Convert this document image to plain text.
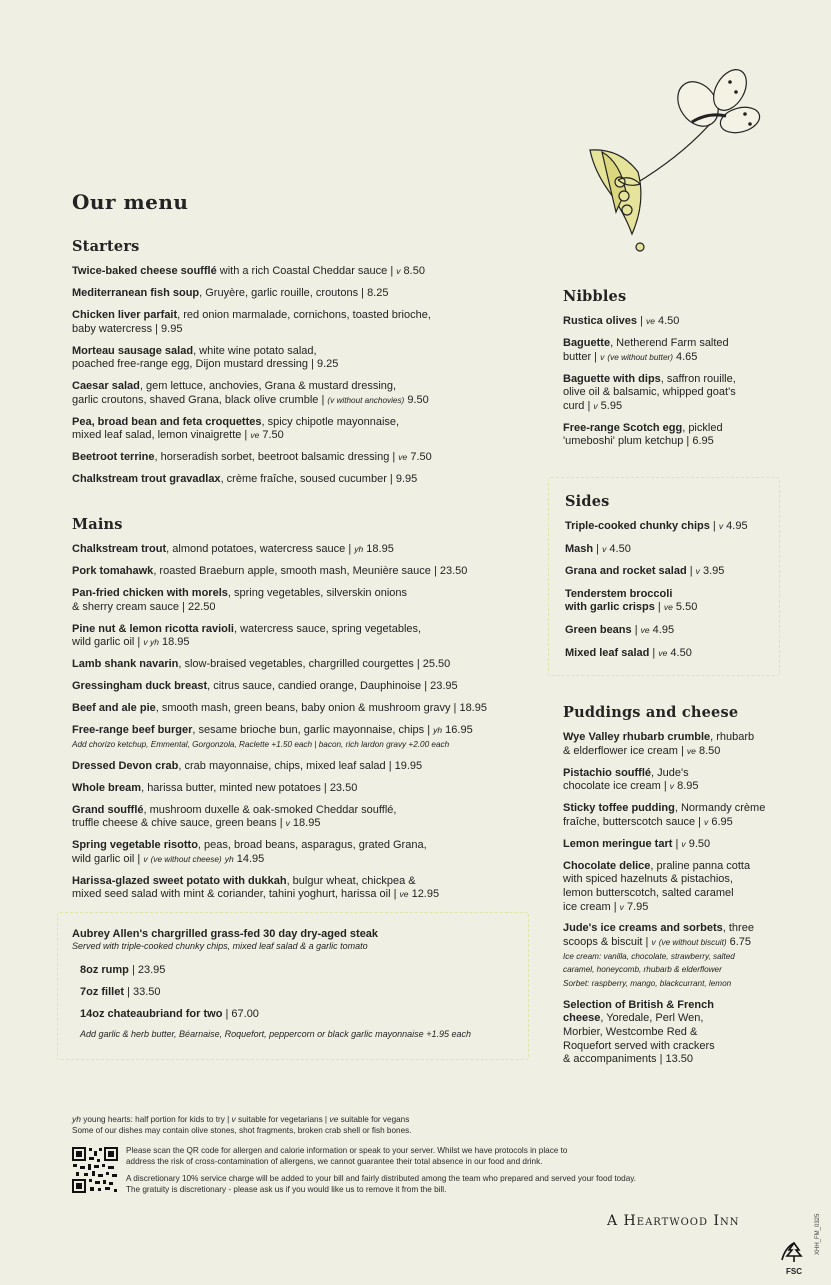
Our menu
Starters
Twice-baked cheese soufflé with a rich Coastal Cheddar sauce | v 8.50
Mediterranean fish soup, Gruyère, garlic rouille, croutons | 8.25
Chicken liver parfait, red onion marmalade, cornichons, toasted brioche,
baby watercress | 9.95
Morteau sausage salad, white wine potato salad,
poached free-range egg, Dijon mustard dressing | 9.25
Caesar salad, gem lettuce, anchovies, Grana & mustard dressing,
garlic croutons, shaved Grana, black olive crumble | (v without anchovies) 9.50
Pea, broad bean and feta croquettes, spicy chipotle mayonnaise,
mixed leaf salad, lemon vinaigrette | ve 7.50
Beetroot terrine, horseradish sorbet, beetroot balsamic dressing | ve 7.50
Chalkstream trout gravadlax, crème fraîche, soused cucumber | 9.95
Mains
Chalkstream trout, almond potatoes, watercress sauce | yh 18.95
Pork tomahawk, roasted Braeburn apple, smooth mash, Meunière sauce | 23.50
Pan-fried chicken with morels, spring vegetables, silverskin onions
& sherry cream sauce | 22.50
Pine nut & lemon ricotta ravioli, watercress sauce, spring vegetables,
wild garlic oil | v yh 18.95
Lamb shank navarin, slow-braised vegetables, chargrilled courgettes | 25.50
Gressingham duck breast, citrus sauce, candied orange, Dauphinoise | 23.95
Beef and ale pie, smooth mash, green beans, baby onion & mushroom gravy | 18.95
Free-range beef burger, sesame brioche bun, garlic mayonnaise, chips | yh 16.95
Add chorizo ketchup, Emmental, Gorgonzola, Raclette +1.50 each | bacon, rich lardon gravy +2.00 each
Dressed Devon crab, crab mayonnaise, chips, mixed leaf salad | 19.95
Whole bream, harissa butter, minted new potatoes | 23.50
Grand soufflé, mushroom duxelle & oak-smoked Cheddar soufflé,
truffle cheese & chive sauce, green beans | v 18.95
Spring vegetable risotto, peas, broad beans, asparagus, grated Grana,
wild garlic oil | v (ve without cheese) yh 14.95
Harissa-glazed sweet potato with dukkah, bulgur wheat, chickpea &
mixed seed salad with mint & coriander, tahini yoghurt, harissa oil | ve 12.95
Aubrey Allen's chargrilled grass-fed 30 day dry-aged steak
Served with triple-cooked chunky chips, mixed leaf salad & a garlic tomato
8oz rump | 23.95
7oz fillet | 33.50
14oz chateaubriand for two | 67.00
Add garlic & herb butter, Béarnaise, Roquefort, peppercorn or black garlic mayonnaise +1.95 each
Nibbles
Rustica olives | ve 4.50
Baguette, Netherend Farm salted
butter | v (ve without butter) 4.65
Baguette with dips, saffron rouille,
olive oil & balsamic, whipped goat's
curd | v 5.95
Free-range Scotch egg, pickled
'umeboshi' plum ketchup | 6.95
Sides
Triple-cooked chunky chips | v 4.95
Mash | v 4.50
Grana and rocket salad | v 3.95
Tenderstem broccoli
with garlic crisps | ve 5.50
Green beans | ve 4.95
Mixed leaf salad | ve 4.50
Puddings and cheese
Wye Valley rhubarb crumble, rhubarb
& elderflower ice cream | ve 8.50
Pistachio soufflé, Jude's
chocolate ice cream | v 8.95
Sticky toffee pudding, Normandy crème
fraîche, butterscotch sauce | v 6.95
Lemon meringue tart | v 9.50
Chocolate delice, praline panna cotta
with spiced hazelnuts & pistachios,
lemon butterscotch, salted caramel
ice cream | v 7.95
Jude's ice creams and sorbets, three
scoops & biscuit | v (ve without biscuit) 6.75
Ice cream: vanilla, chocolate, strawberry, salted
caramel, honeycomb, rhubarb & elderflower
Sorbet: raspberry, mango, blackcurrant, lemon
Selection of British & French
cheese, Yoredale, Perl Wen,
Morbier, Westcombe Red &
Roquefort served with crackers
& accompaniments | 13.50
yh young hearts: half portion for kids to try | v suitable for vegetarians | ve suitable for vegans
Some of our dishes may contain olive stones, shot fragments, broken crab shell or fish bones.
Please scan the QR code for allergen and calorie information or speak to your server. Whilst we have protocols in place to
address the risk of cross-contamination of allergens, we cannot guarantee their total absence in our food and drink.
A discretionary 10% service charge will be added to your bill and fairly distributed among the team who prepared and served your food today.
The gratuity is discretionary - please ask us if you would like us to remove it from the bill.
A Heartwood Inn
FSC
XHH_FM_0325
